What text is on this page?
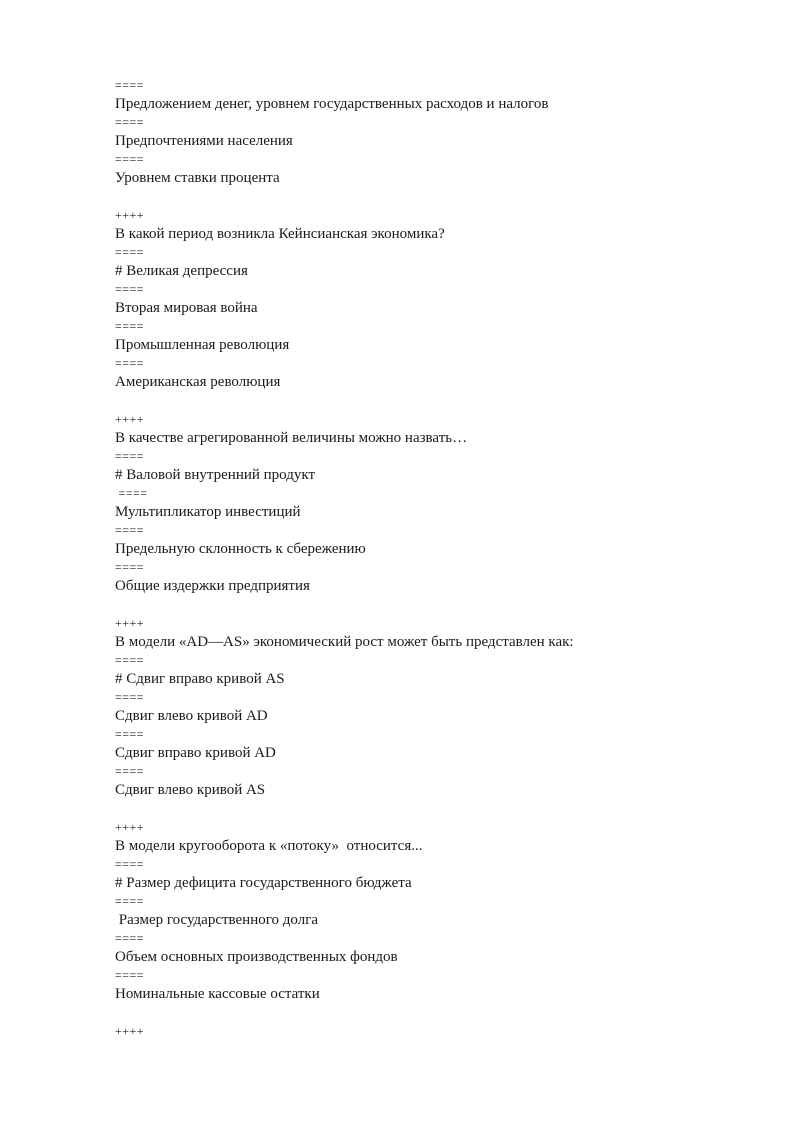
====
Предложением денег, уровнем государственных расходов и налогов
====
Предпочтениями населения
====
Уровнем ставки процента
++++
В какой период возникла Кейнсианская экономика?
====
# Великая депрессия
====
Вторая мировая война
====
Промышленная революция
====
Американская революция
++++
В качестве агрегированной величины можно назвать…
====
# Валовой внутренний продукт
====
Мультипликатор инвестиций
====
Предельную склонность к сбережению
====
Общие издержки предприятия
++++
В модели «AD—AS» экономический рост может быть представлен как:
====
# Сдвиг вправо кривой AS
====
Сдвиг влево кривой AD
====
Сдвиг вправо кривой AD
====
Сдвиг влево кривой AS
++++
В модели кругооборота к «потоку»  относится...
====
# Размер дефицита государственного бюджета
====
Размер государственного долга
====
Объем основных производственных фондов
====
Номинальные кассовые остатки
++++
